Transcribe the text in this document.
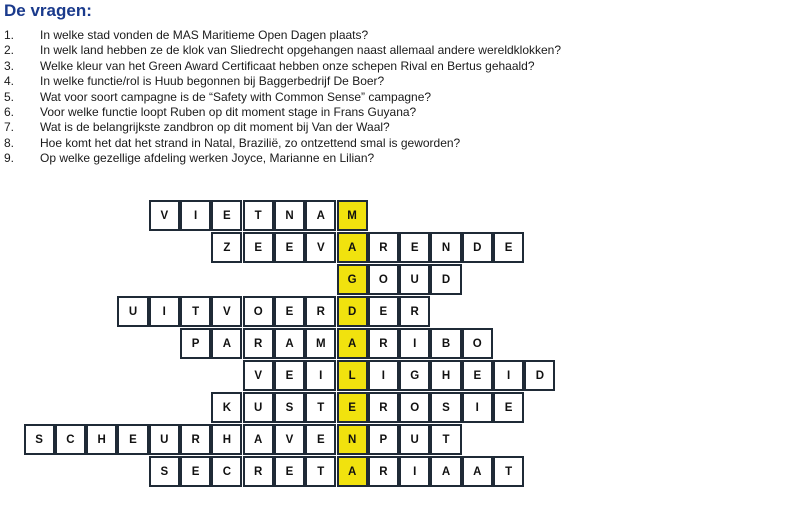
De vragen:
1. In welke stad vonden de MAS Maritieme Open Dagen plaats?
2. In welk land hebben ze de klok van Sliedrecht opgehangen naast allemaal andere wereldklokken?
3. Welke kleur van het Green Award Certificaat hebben onze schepen Rival en Bertus gehaald?
4. In welke functie/rol is Huub begonnen bij Baggerbedrijf De Boer?
5. Wat voor soort campagne is de “Safety with Common Sense” campagne?
6. Voor welke functie loopt Ruben op dit moment stage in Frans Guyana?
7. Wat is de belangrijkste zandbron op dit moment bij Van der Waal?
8. Hoe komt het dat het strand in Natal, Brazilië, zo ontzettend smal is geworden?
9. Op welke gezellige afdeling werken Joyce, Marianne en Lilian?
V	I	E	T	N	A	M
Z	E	E	V	A	R	E	N	D	E
G	O	U	D
U	I	T	V	O	E	R	D	E	R
P	A	R	A	M	A	R	I	B	O
V	E	I	L	I	G	H	E	I	D
K	U	S	T	E	R	O	S	I	E
S	C	H	E	U	R	H	A	V	E	N	P	U	T
S	E	C	R	E	T	A	R	I	A	A	T
